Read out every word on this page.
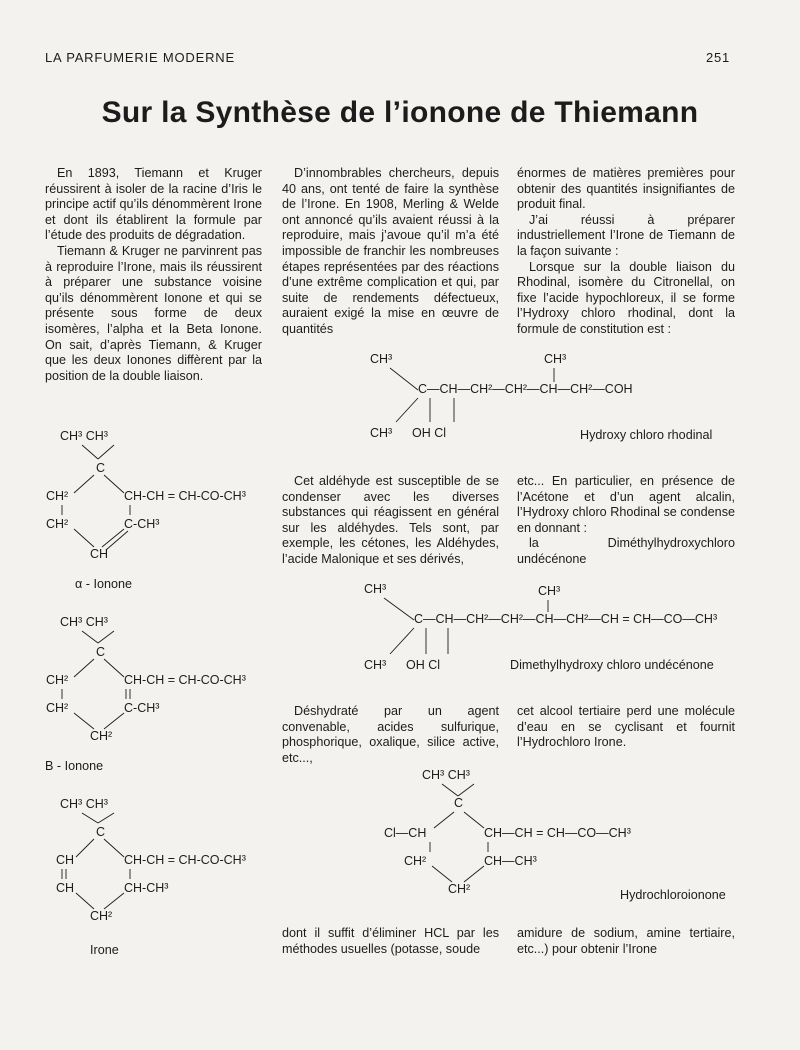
LA PARFUMERIE MODERNE	251
Sur la Synthèse de l’ionone de Thiemann

En 1893, Tiemann et Kruger réussirent à isoler de la racine d’Iris le principe actif qu’ils dénommèrent Irone et dont ils établirent la formule par l’étude des produits de dégradation.

Tiemann & Kruger ne parvinrent pas à reproduire l’Irone, mais ils réussirent à préparer une substance voisine qu’ils dénommèrent Ionone et qui se présente sous forme de deux isomères, l’alpha et la Beta Ionone. On sait, d’après Tiemann, & Kruger que les deux Ionones diffèrent par la position de la double liaison.

D’innombrables chercheurs, depuis 40 ans, ont tenté de faire la synthèse de l’Irone. En 1908, Merling & Welde ont annoncé qu’ils avaient réussi à la reproduire, mais j’avoue qu’il m’a été impossible de franchir les nombreuses étapes représentées par des réactions d’une extrême complication et qui, par suite de rendements défectueux, auraient exigé la mise en œuvre de quantités

énormes de matières premières pour obtenir des quantités insignifiantes de produit final.

J’ai réussi à préparer industriellement l’Irone de Tiemann de la façon suivante :

Lorsque sur la double liaison du Rhodinal, isomère du Citronellal, on fixe l’acide hypochloreux, il se forme l’Hydroxy chloro rhodinal, dont la formule de constitution est :

CH³ CH³
C
CH²	CH-CH = CH-CO-CH³
CH²	C-CH³
CH
α - Ionone
CH³ CH³
C
CH²	CH-CH = CH-CO-CH³
CH²	C-CH³
CH²
B - Ionone
CH³ CH³
C
CH	CH-CH = CH-CO-CH³
CH	CH-CH³
CH²
Irone
CH³	CH³
C—CH—CH²—CH²—CH—CH²—COH
CH³ OH Cl	Hydroxy chloro rhodinal

Cet aldéhyde est susceptible de se condenser avec les diverses substances qui réagissent en général sur les aldéhydes. Tels sont, par exemple, les cétones, les Aldéhydes, l’acide Malonique et ses dérivés,

etc... En particulier, en présence de l’Acétone et d’un agent alcalin, l’Hydroxy chloro Rhodinal se condense en donnant :

la Diméthylhydroxychloro undécénone

CH³	CH³
C—CH—CH²—CH²—CH—CH²—CH = CH—CO—CH³
CH³ OH Cl	Dimethylhydroxy chloro undécénone

Déshydraté par un agent convenable, acides sulfurique, phosphorique, oxalique, silice active, etc...,

cet alcool tertiaire perd une molécule d’eau en se cyclisant et fournit l’Hydrochloro Irone.

CH³ CH³
C
Cl—CH	CH—CH = CH—CO—CH³
CH²	CH—CH³
CH²	Hydrochloroionone

dont il suffit d’éliminer HCL par les méthodes usuelles (potasse, soude

amidure de sodium, amine tertiaire, etc...) pour obtenir l’Irone
